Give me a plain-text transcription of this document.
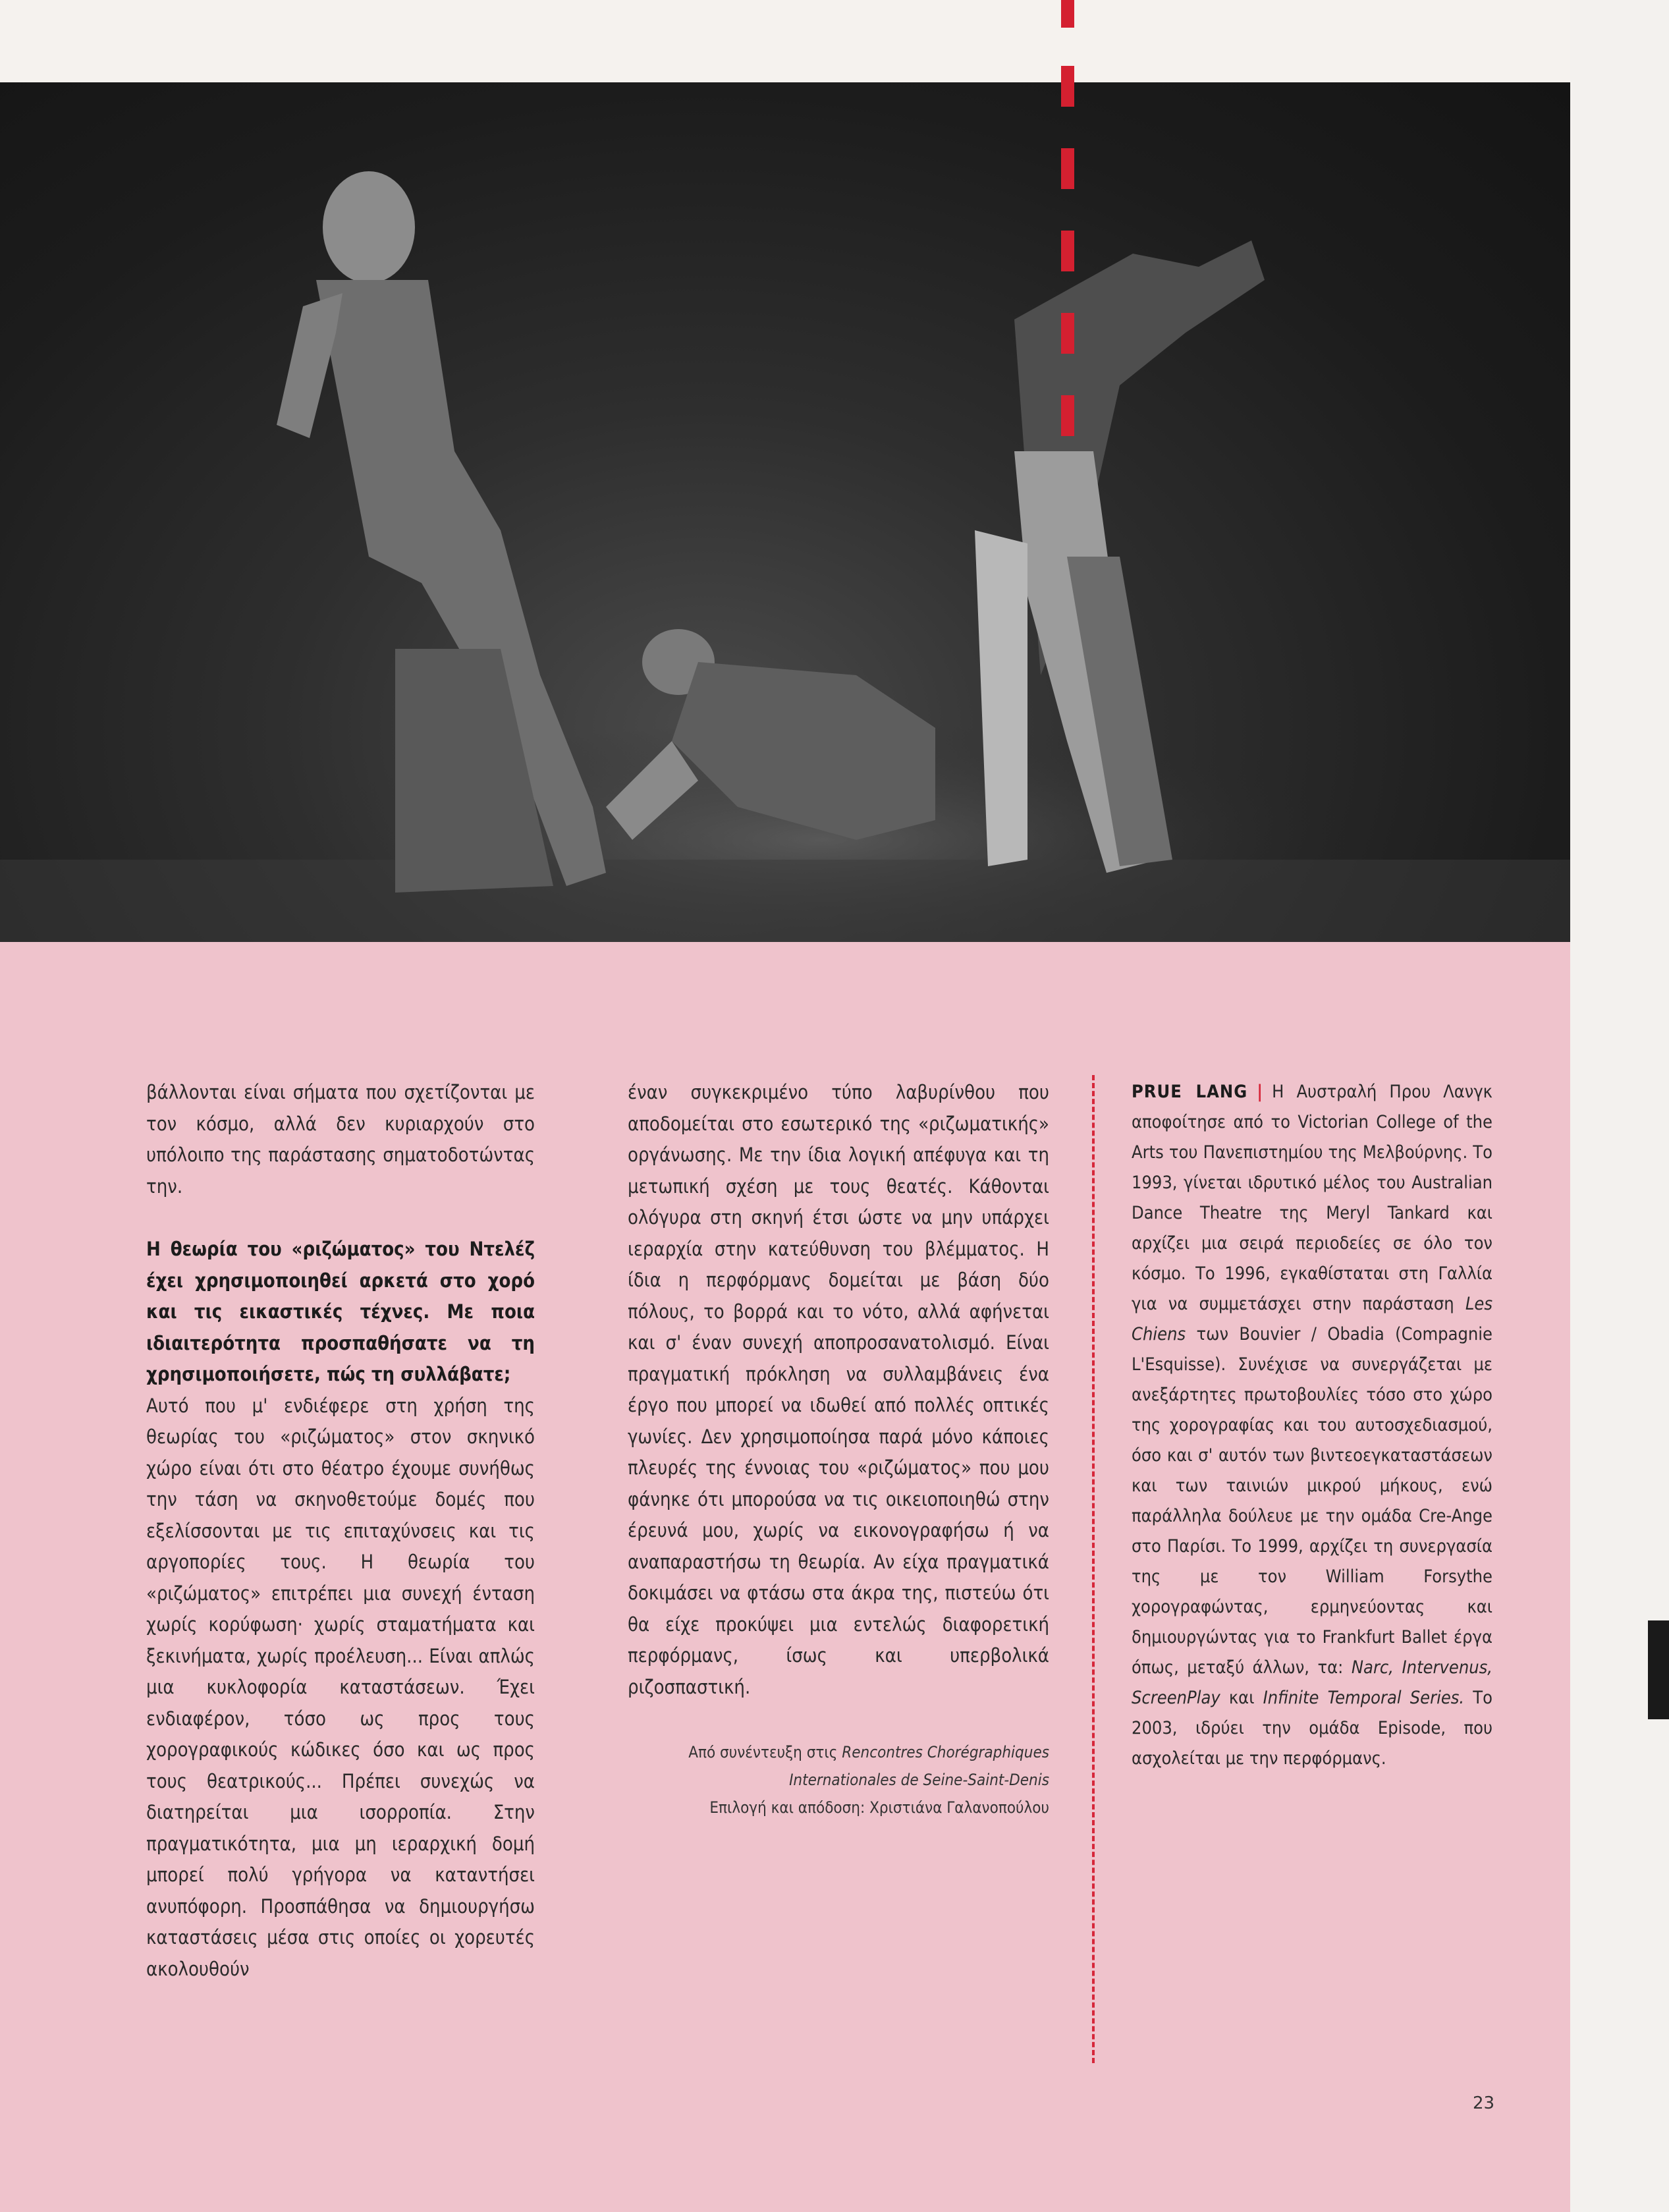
βάλλονται είναι σήματα που σχετίζονται με τον κόσμο, αλλά δεν κυριαρχούν στο υπόλοιπο της παράστασης σηματοδοτώντας την.

Η θεωρία του «ριζώματος» του Ντελέζ έχει χρησιμοποιηθεί αρκετά στο χορό και τις εικαστικές τέχνες. Με ποια ιδιαιτερότητα προσπαθήσατε να τη χρησιμοποιήσετε, πώς τη συλλάβατε;

Αυτό που μ' ενδιέφερε στη χρήση της θεωρίας του «ριζώματος» στον σκηνικό χώρο είναι ότι στο θέατρο έχουμε συνήθως την τάση να σκηνοθετούμε δομές που εξελίσσονται με τις επιταχύνσεις και τις αργοπορίες τους. Η θεωρία του «ριζώματος» επιτρέπει μια συνεχή ένταση χωρίς κορύφωση· χωρίς σταματήματα και ξεκινήματα, χωρίς προέλευση... Είναι απλώς μια κυκλοφορία καταστάσεων. Έχει ενδιαφέρον, τόσο ως προς τους χορογραφικούς κώδικες όσο και ως προς τους θεατρικούς... Πρέπει συνεχώς να διατηρείται μια ισορροπία. Στην πραγματικότητα, μια μη ιεραρχική δομή μπορεί πολύ γρήγορα να καταντήσει ανυπόφορη. Προσπάθησα να δημιουργήσω καταστάσεις μέσα στις οποίες οι χορευτές ακολουθούν

έναν συγκεκριμένο τύπο λαβυρίνθου που αποδομείται στο εσωτερικό της «ριζωματικής» οργάνωσης. Με την ίδια λογική απέφυγα και τη μετωπική σχέση με τους θεατές. Κάθονται ολόγυρα στη σκηνή έτσι ώστε να μην υπάρχει ιεραρχία στην κατεύθυνση του βλέμματος. Η ίδια η περφόρμανς δομείται με βάση δύο πόλους, το βορρά και το νότο, αλλά αφήνεται και σ' έναν συνεχή αποπροσανατολισμό. Είναι πραγματική πρόκληση να συλλαμβάνεις ένα έργο που μπορεί να ιδωθεί από πολλές οπτικές γωνίες. Δεν χρησιμοποίησα παρά μόνο κάποιες πλευρές της έννοιας του «ριζώματος» που μου φάνηκε ότι μπορούσα να τις οικειοποιηθώ στην έρευνά μου, χωρίς να εικονογραφήσω ή να αναπαραστήσω τη θεωρία. Αν είχα πραγματικά δοκιμάσει να φτάσω στα άκρα της, πιστεύω ότι θα είχε προκύψει μια εντελώς διαφορετική περφόρμανς, ίσως και υπερβολικά ριζοσπαστική.

Από συνέντευξη στις Rencontres Chorégraphiques Internationales de Seine-Saint-Denis
Επιλογή και απόδοση: Χριστιάνα Γαλανοπούλου

PRUE LANG | Η Αυστραλή Πρου Λανγκ αποφοίτησε από το Victorian College of the Arts του Πανεπιστημίου της Μελβούρνης. Το 1993, γίνεται ιδρυτικό μέλος του Australian Dance Theatre της Meryl Tankard και αρχίζει μια σειρά περιοδείες σε όλο τον κόσμο. Το 1996, εγκαθίσταται στη Γαλλία για να συμμετάσχει στην παράσταση Les Chiens των Bouvier / Obadia (Compagnie L'Esquisse). Συνέχισε να συνεργάζεται με ανεξάρτητες πρωτοβουλίες τόσο στο χώρο της χορογραφίας και του αυτοσχεδιασμού, όσο και σ' αυτόν των βιντεοεγκαταστάσεων και των ταινιών μικρού μήκους, ενώ παράλληλα δούλευε με την ομάδα Cre-Ange στο Παρίσι. Το 1999, αρχίζει τη συνεργασία της με τον William Forsythe χορογραφώντας, ερμηνεύοντας και δημιουργώντας για το Frankfurt Ballet έργα όπως, μεταξύ άλλων, τα: Narc, Intervenus, ScreenPlay και Infinite Temporal Series. Το 2003, ιδρύει την ομάδα Episode, που ασχολείται με την περφόρμανς.

23
